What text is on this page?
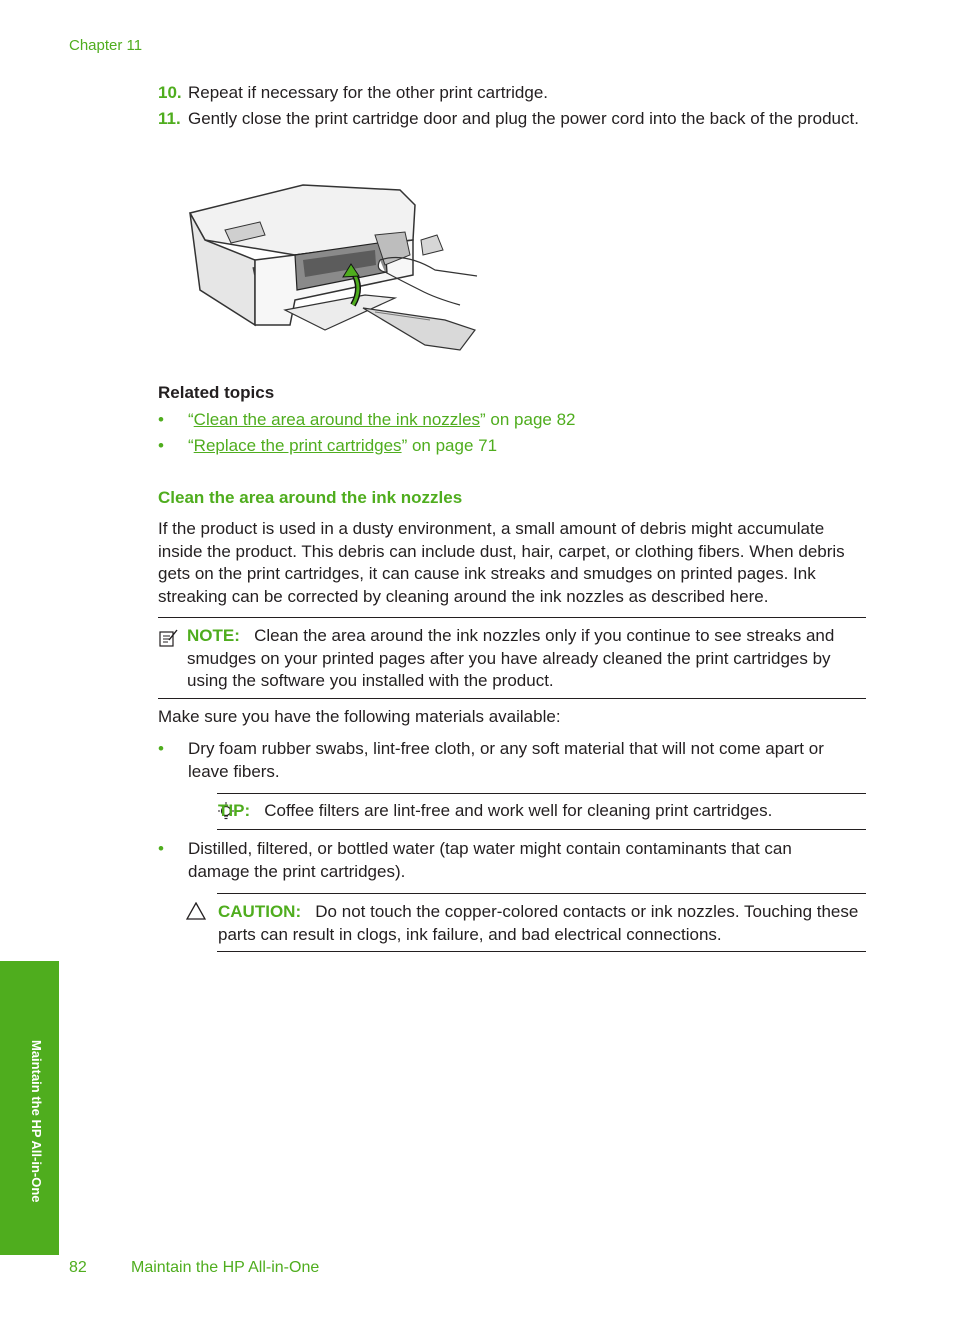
Chapter 11
10. Repeat if necessary for the other print cartridge.
11. Gently close the print cartridge door and plug the power cord into the back of the product.
Related topics
• “Clean the area around the ink nozzles” on page 82
• “Replace the print cartridges” on page 71
Clean the area around the ink nozzles
If the product is used in a dusty environment, a small amount of debris might accumulate inside the product. This debris can include dust, hair, carpet, or clothing fibers. When debris gets on the print cartridges, it can cause ink streaks and smudges on printed pages. Ink streaking can be corrected by cleaning around the ink nozzles as described here.
NOTE: Clean the area around the ink nozzles only if you continue to see streaks and smudges on your printed pages after you have already cleaned the print cartridges by using the software you installed with the product.
Make sure you have the following materials available:
• Dry foam rubber swabs, lint-free cloth, or any soft material that will not come apart or leave fibers.
TIP: Coffee filters are lint-free and work well for cleaning print cartridges.
• Distilled, filtered, or bottled water (tap water might contain contaminants that can damage the print cartridges).
CAUTION: Do not touch the copper-colored contacts or ink nozzles. Touching these parts can result in clogs, ink failure, and bad electrical connections.
Maintain the HP All-in-One
82	Maintain the HP All-in-One
